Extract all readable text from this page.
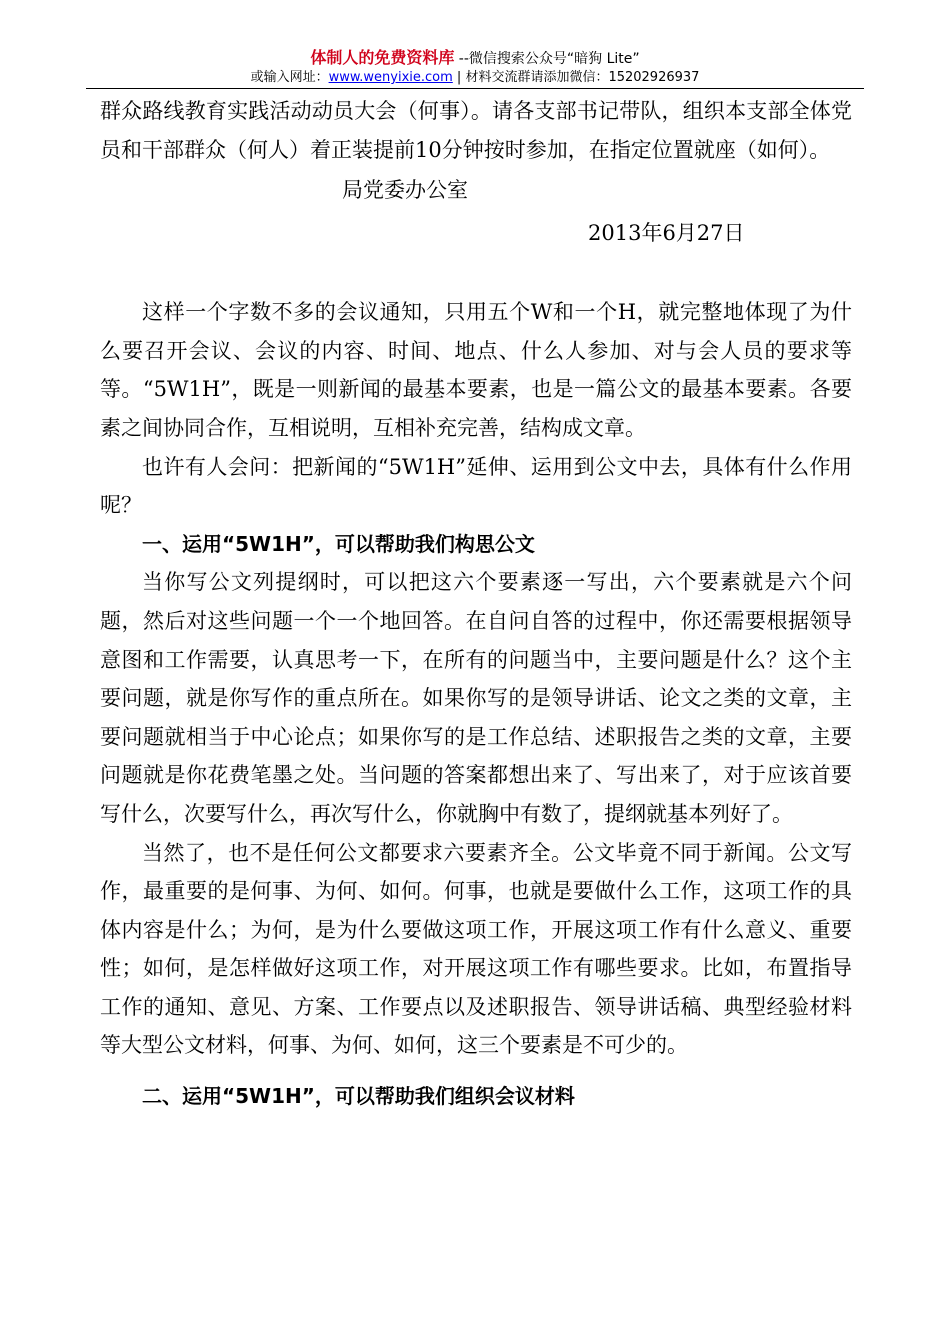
体制人的免费资料库 --微信搜索公众号“暗狗 Lite”
或输入网址：www.wenyixie.com | 材料交流群请添加微信：15202926937

群众路线教育实践活动动员大会（何事）。请各支部书记带队，组织本支部全体党员和干部群众（何人）着正装提前10分钟按时参加，在指定位置就座（如何）。

局党委办公室

2013年6月27日

这样一个字数不多的会议通知，只用五个W和一个H，就完整地体现了为什么要召开会议、会议的内容、时间、地点、什么人参加、对与会人员的要求等等。“5W1H”，既是一则新闻的最基本要素，也是一篇公文的最基本要素。各要素之间协同合作，互相说明，互相补充完善，结构成文章。

也许有人会问：把新闻的“5W1H”延伸、运用到公文中去，具体有什么作用呢？

一、运用“5W1H”，可以帮助我们构思公文

当你写公文列提纲时，可以把这六个要素逐一写出，六个要素就是六个问题，然后对这些问题一个一个地回答。在自问自答的过程中，你还需要根据领导意图和工作需要，认真思考一下，在所有的问题当中，主要问题是什么？这个主要问题，就是你写作的重点所在。如果你写的是领导讲话、论文之类的文章，主要问题就相当于中心论点；如果你写的是工作总结、述职报告之类的文章，主要问题就是你花费笔墨之处。当问题的答案都想出来了、写出来了，对于应该首要写什么，次要写什么，再次写什么，你就胸中有数了，提纲就基本列好了。

当然了，也不是任何公文都要求六要素齐全。公文毕竟不同于新闻。公文写作，最重要的是何事、为何、如何。何事，也就是要做什么工作，这项工作的具体内容是什么；为何，是为什么要做这项工作，开展这项工作有什么意义、重要性；如何，是怎样做好这项工作，对开展这项工作有哪些要求。比如，布置指导工作的通知、意见、方案、工作要点以及述职报告、领导讲话稿、典型经验材料等大型公文材料，何事、为何、如何，这三个要素是不可少的。

二、运用“5W1H”，可以帮助我们组织会议材料
